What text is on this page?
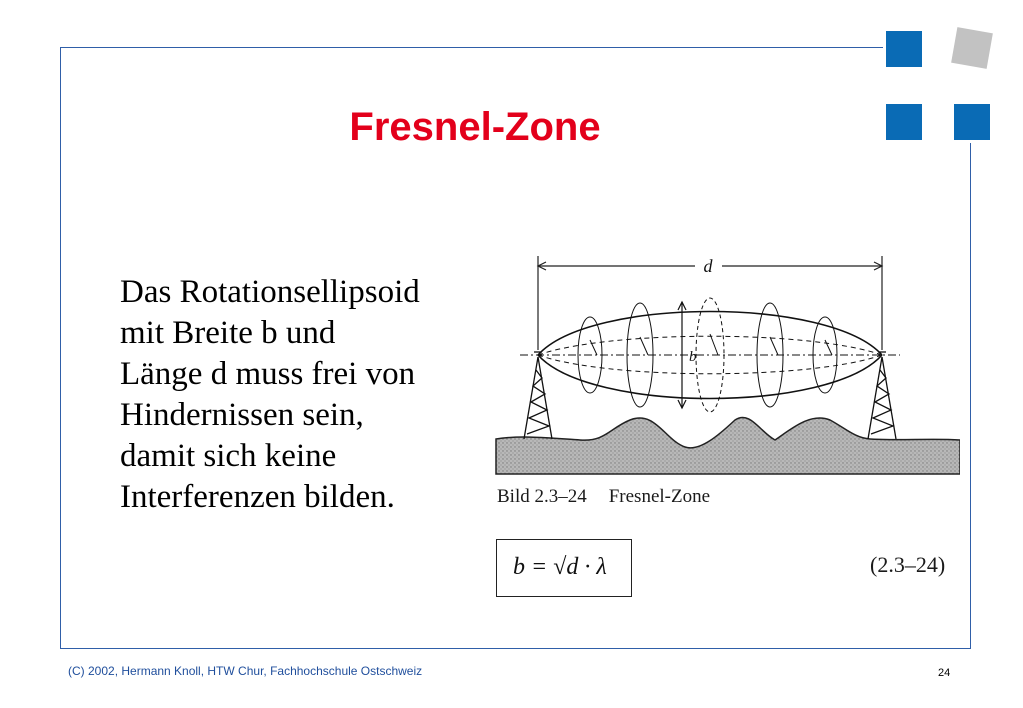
Fresnel-Zone
Das Rotationsellipsoid
mit Breite b und
Länge d muss frei von
Hindernissen sein,
damit sich keine
Interferenzen bilden.
d
b
Bild 2.3–24 Fresnel-Zone
b = √d · λ	(2.3–24)
(C) 2002, Hermann Knoll, HTW Chur, Fachhochschule Ostschweiz	24
